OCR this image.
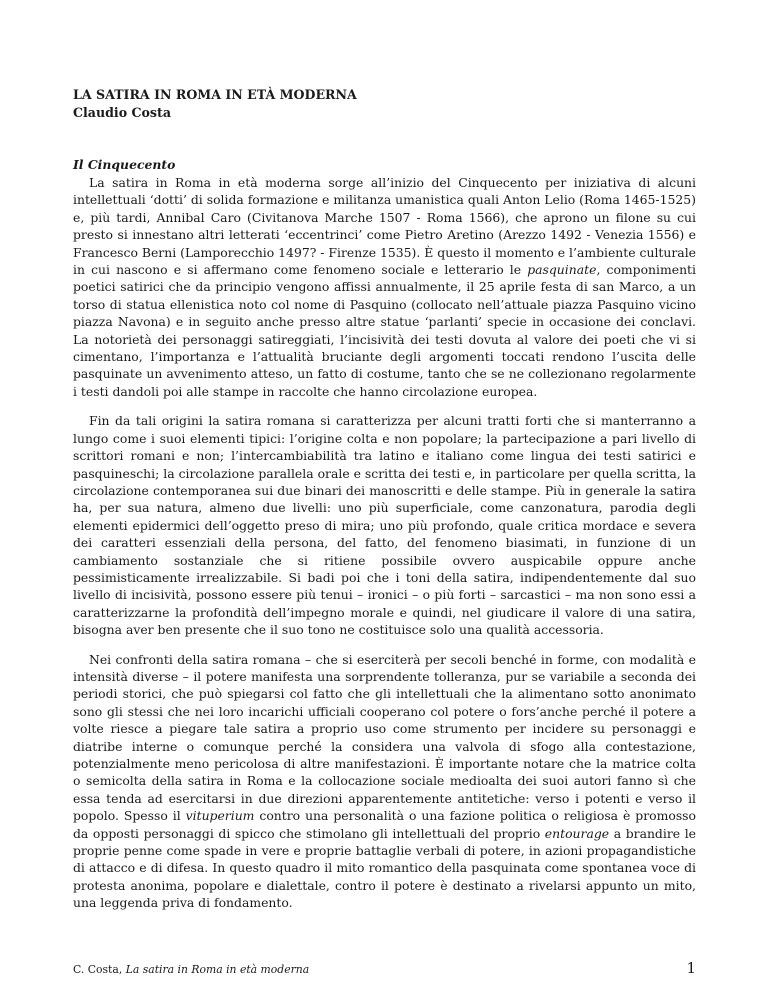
LA SATIRA IN ROMA IN ETÀ MODERNA

Claudio Costa

Il Cinquecento

La satira in Roma in età moderna sorge all’inizio del Cinquecento per iniziativa di alcuni intellettuali ‘dotti’ di solida formazione e militanza umanistica quali Anton Lelio (Roma 1465-1525) e, più tardi, Annibal Caro (Civitanova Marche 1507 - Roma 1566), che aprono un filone su cui presto si innestano altri letterati ‘eccentrinci’ come Pietro Aretino (Arezzo 1492 - Venezia 1556) e Francesco Berni (Lamporecchio 1497? - Firenze 1535). È questo il momento e l’ambiente culturale in cui nascono e si affermano come fenomeno sociale e letterario le pasquinate, componimenti poetici satirici che da principio vengono affissi annualmente, il 25 aprile festa di san Marco, a un torso di statua ellenistica noto col nome di Pasquino (collocato nell’attuale piazza Pasquino vicino piazza Navona) e in seguito anche presso altre statue ‘parlanti’ specie in occasione dei conclavi. La notorietà dei personaggi satireggiati, l’incisività dei testi dovuta al valore dei poeti che vi si cimentano, l’importanza e l’attualità bruciante degli argomenti toccati rendono l’uscita delle pasquinate un avvenimento atteso, un fatto di costume, tanto che se ne collezionano regolarmente i testi dandoli poi alle stampe in raccolte che hanno circolazione europea.

Fin da tali origini la satira romana si caratterizza per alcuni tratti forti che si manterranno a lungo come i suoi elementi tipici: l’origine colta e non popolare; la partecipazione a pari livello di scrittori romani e non; l’intercambiabilità tra latino e italiano come lingua dei testi satirici e pasquineschi; la circolazione parallela orale e scritta dei testi e, in particolare per quella scritta, la circolazione contemporanea sui due binari dei manoscritti e delle stampe. Più in generale la satira ha, per sua natura, almeno due livelli: uno più superficiale, come canzonatura, parodia degli elementi epidermici dell’oggetto preso di mira; uno più profondo, quale critica mordace e severa dei caratteri essenziali della persona, del fatto, del fenomeno biasimati, in funzione di un cambiamento sostanziale che si ritiene possibile ovvero auspicabile oppure anche pessimisticamente irrealizzabile. Si badi poi che i toni della satira, indipendentemente dal suo livello di incisività, possono essere più tenui – ironici – o più forti – sarcastici – ma non sono essi a caratterizzarne la profondità dell’impegno morale e quindi, nel giudicare il valore di una satira, bisogna aver ben presente che il suo tono ne costituisce solo una qualità accessoria.

Nei confronti della satira romana – che si eserciterà per secoli benché in forme, con modalità e intensità diverse – il potere manifesta una sorprendente tolleranza, pur se variabile a seconda dei periodi storici, che può spiegarsi col fatto che gli intellettuali che la alimentano sotto anonimato sono gli stessi che nei loro incarichi ufficiali cooperano col potere o fors’anche perché il potere a volte riesce a piegare tale satira a proprio uso come strumento per incidere su personaggi e diatribe interne o comunque perché la considera una valvola di sfogo alla contestazione, potenzialmente meno pericolosa di altre manifestazioni. È importante notare che la matrice colta o semicolta della satira in Roma e la collocazione sociale medioalta dei suoi autori fanno sì che essa tenda ad esercitarsi in due direzioni apparentemente antitetiche: verso i potenti e verso il popolo. Spesso il vituperium contro una personalità o una fazione politica o religiosa è promosso da opposti personaggi di spicco che stimolano gli intellettuali del proprio entourage a brandire le proprie penne come spade in vere e proprie battaglie verbali di potere, in azioni propagandistiche di attacco e di difesa. In questo quadro il mito romantico della pasquinata come spontanea voce di protesta anonima, popolare e dialettale, contro il potere è destinato a rivelarsi appunto un mito, una leggenda priva di fondamento.

C. Costa, La satira in Roma in età moderna	1
